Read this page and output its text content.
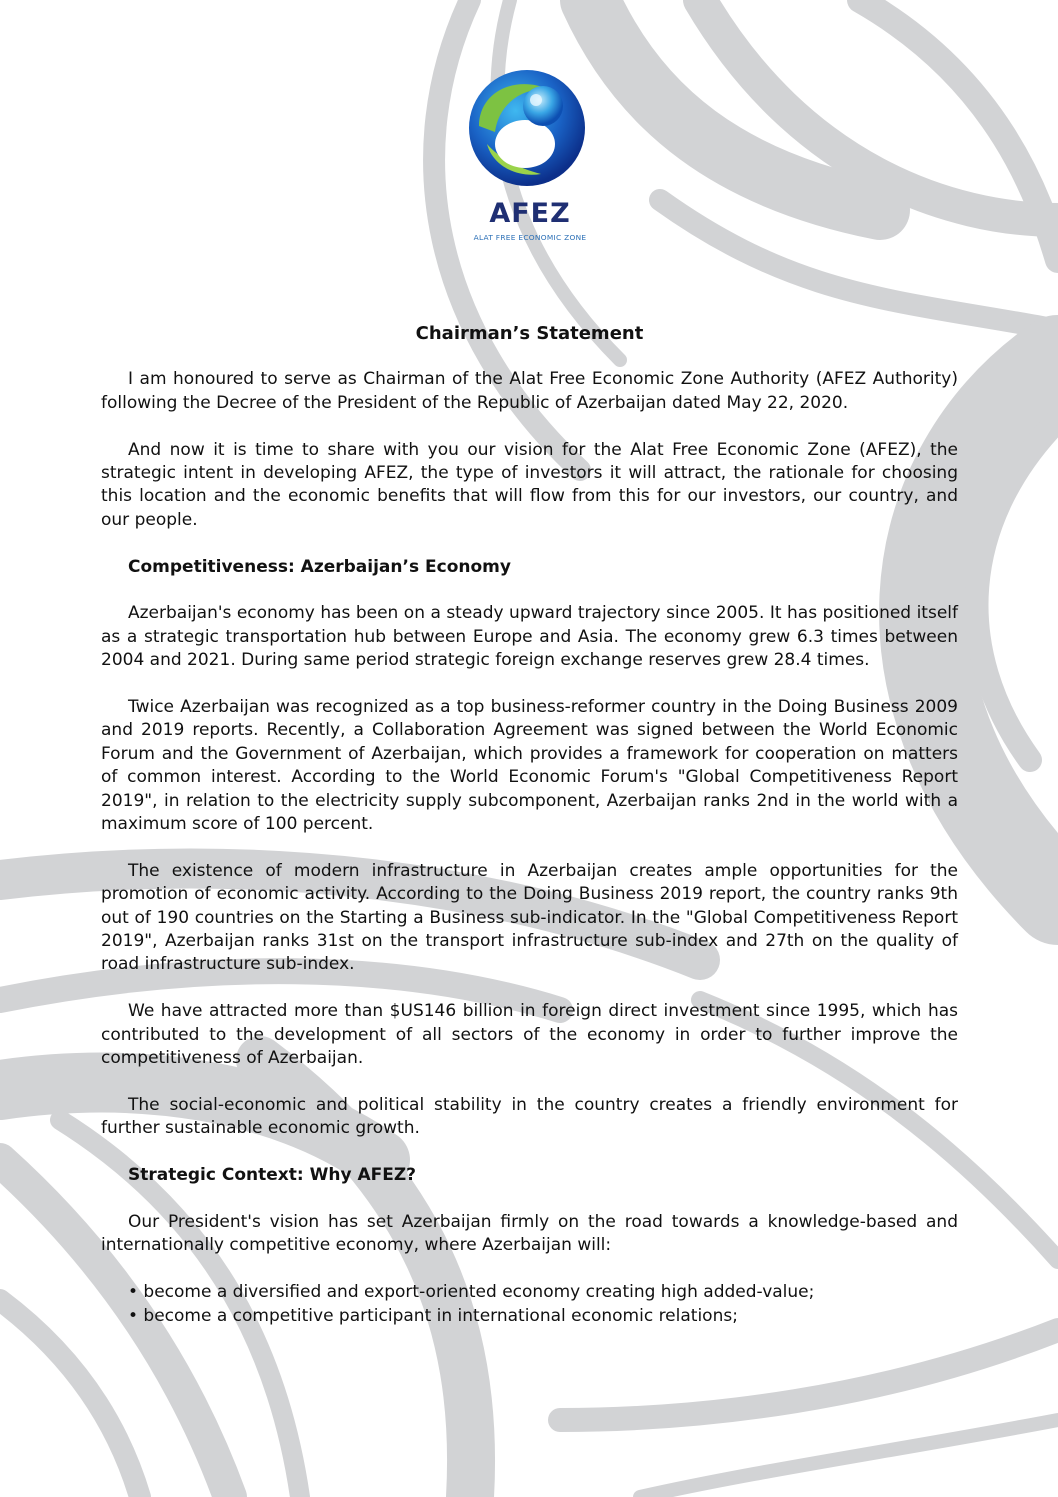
AFEZ
ALAT FREE ECONOMIC ZONE
Chairman’s Statement

I am honoured to serve as Chairman of the Alat Free Economic Zone Authority (AFEZ Authority) following the Decree of the President of the Republic of Azerbaijan dated May 22, 2020.

And now it is time to share with you our vision for the Alat Free Economic Zone (AFEZ), the strategic intent in developing AFEZ, the type of investors it will attract, the rationale for choosing this location and the economic benefits that will flow from this for our investors, our country, and our people.

Competitiveness: Azerbaijan’s Economy

Azerbaijan's economy has been on a steady upward trajectory since 2005. It has positioned itself as a strategic transportation hub between Europe and Asia. The economy grew 6.3 times between 2004 and 2021. During same period strategic foreign exchange reserves grew 28.4 times.

Twice Azerbaijan was recognized as a top business-reformer country in the Doing Business 2009 and 2019 reports. Recently, a Collaboration Agreement was signed between the World Economic Forum and the Government of Azerbaijan, which provides a framework for cooperation on matters of common interest. According to the World Economic Forum's "Global Competitiveness Report 2019", in relation to the electricity supply subcomponent, Azerbaijan ranks 2nd in the world with a maximum score of 100 percent.

The existence of modern infrastructure in Azerbaijan creates ample opportunities for the promotion of economic activity. According to the Doing Business 2019 report, the country ranks 9th out of 190 countries on the Starting a Business sub-indicator. In the "Global Competitiveness Report 2019", Azerbaijan ranks 31st on the transport infrastructure sub-index and 27th on the quality of road infrastructure sub-index.

We have attracted more than $US146 billion in foreign direct investment since 1995, which has contributed to the development of all sectors of the economy in order to further improve the competitiveness of Azerbaijan.

The social-economic and political stability in the country creates a friendly environment for further sustainable economic growth.

Strategic Context: Why AFEZ?

Our President's vision has set Azerbaijan firmly on the road towards a knowledge-based and internationally competitive economy, where Azerbaijan will:

• become a diversified and export-oriented economy creating high added-value;
• become a competitive participant in international economic relations;
